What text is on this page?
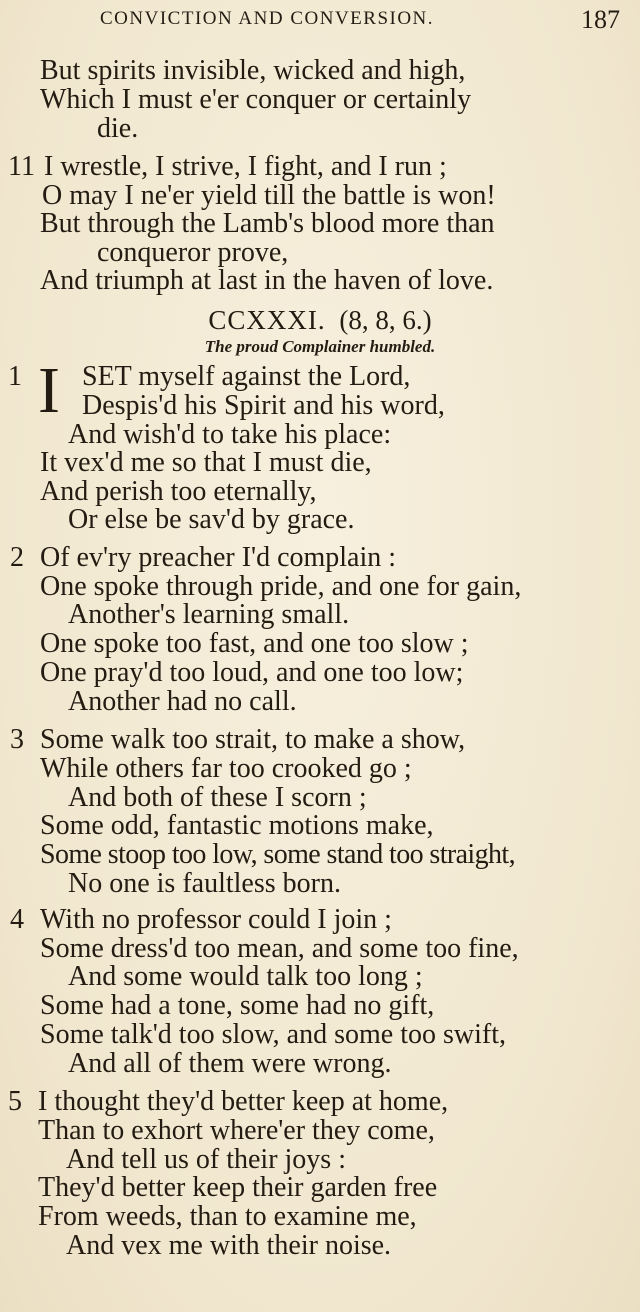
CONVICTION AND CONVERSION.	187
But spirits invisible, wicked and high,
Which I must e'er conquer or certainly
die.
11 I wrestle, I strive, I fight, and I run ;
O may I ne'er yield till the battle is won!
But through the Lamb's blood more than
conqueror prove,
And triumph at last in the haven of love.
CCXXXI. (8, 8, 6.)
The proud Complainer humbled.
1 I SET myself against the Lord,
Despis'd his Spirit and his word,
And wish'd to take his place:
It vex'd me so that I must die,
And perish too eternally,
Or else be sav'd by grace.
2 Of ev'ry preacher I'd complain :
One spoke through pride, and one for gain,
Another's learning small.
One spoke too fast, and one too slow ;
One pray'd too loud, and one too low;
Another had no call.
3 Some walk too strait, to make a show,
While others far too crooked go ;
And both of these I scorn ;
Some odd, fantastic motions make,
Some stoop too low, some stand too straight,
No one is faultless born.
4 With no professor could I join ;
Some dress'd too mean, and some too fine,
And some would talk too long ;
Some had a tone, some had no gift,
Some talk'd too slow, and some too swift,
And all of them were wrong.
5 I thought they'd better keep at home,
Than to exhort where'er they come,
And tell us of their joys :
They'd better keep their garden free
From weeds, than to examine me,
And vex me with their noise.
